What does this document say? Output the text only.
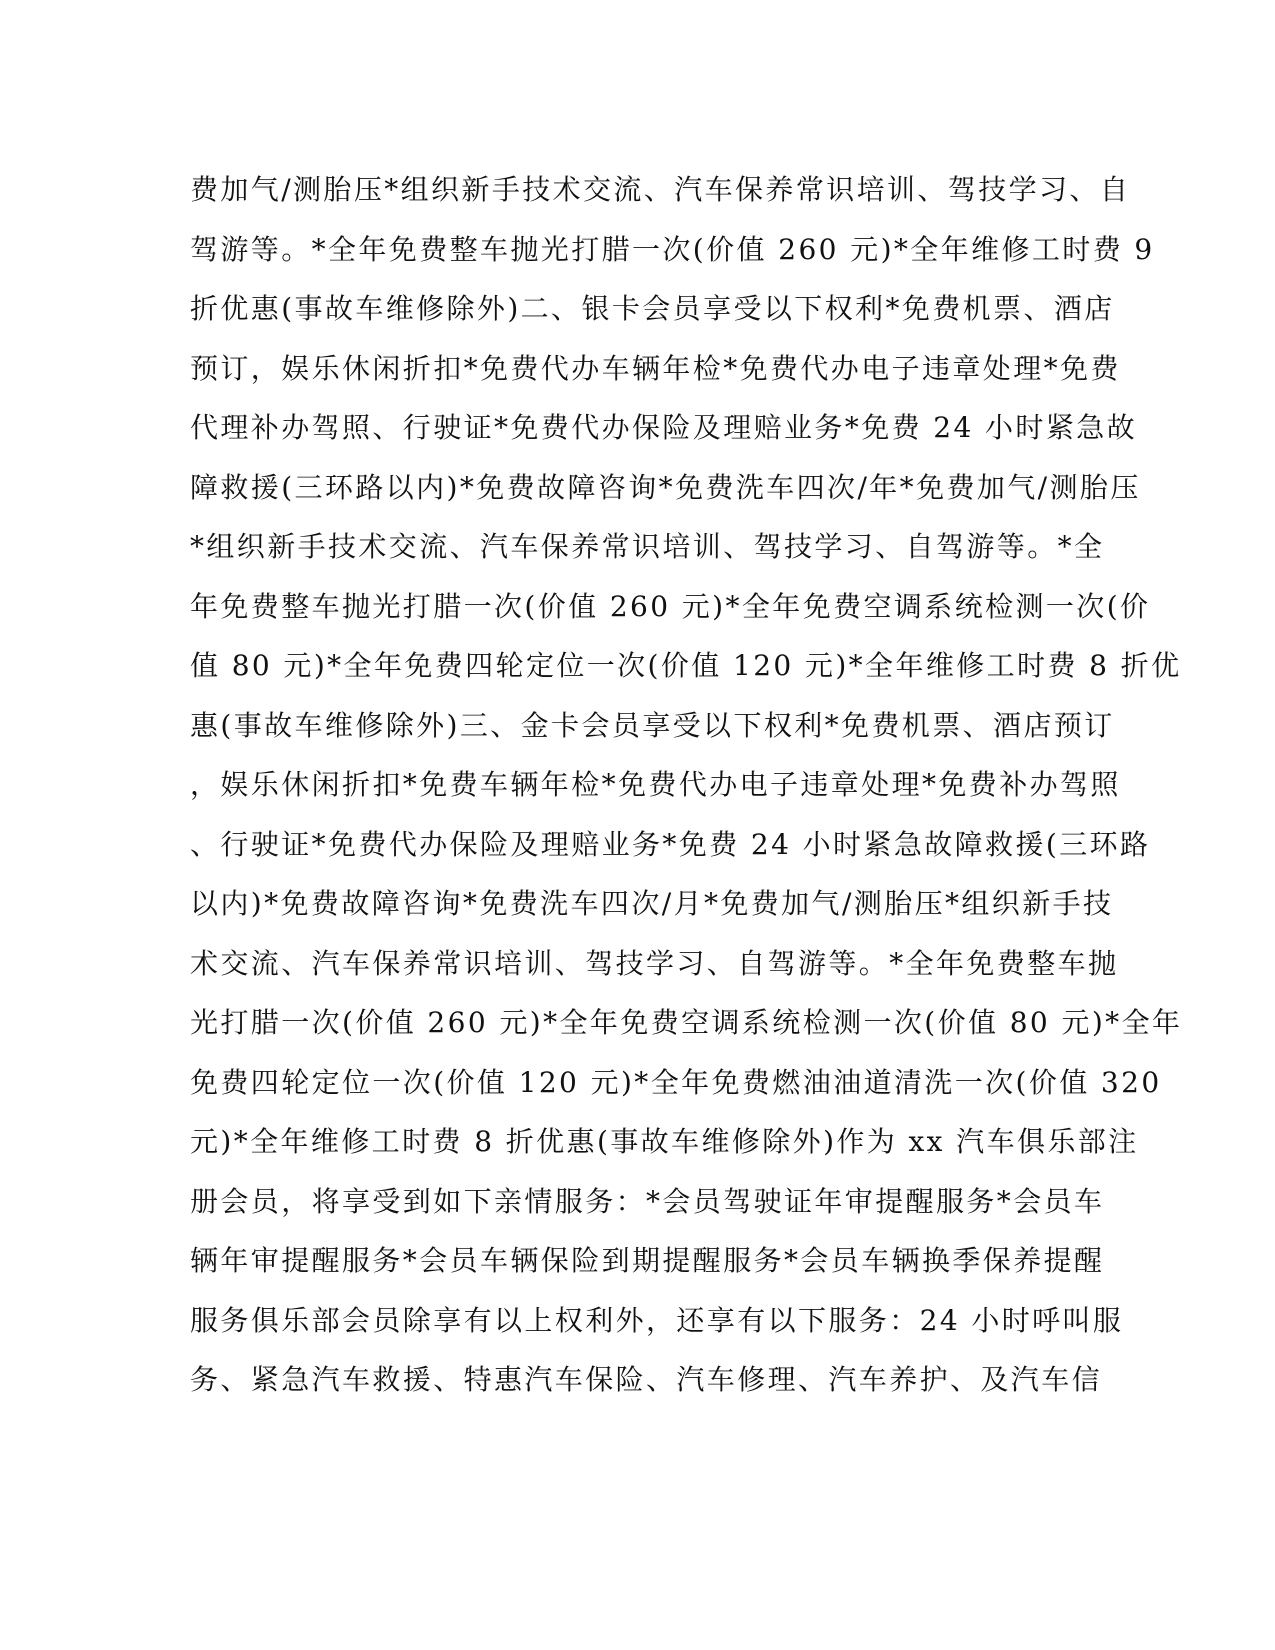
费加气/测胎压*组织新手技术交流、汽车保养常识培训、驾技学习、自
驾游等。*全年免费整车抛光打腊一次(价值 260 元)*全年维修工时费 9
折优惠(事故车维修除外)二、银卡会员享受以下权利*免费机票、酒店
预订，娱乐休闲折扣*免费代办车辆年检*免费代办电子违章处理*免费
代理补办驾照、行驶证*免费代办保险及理赔业务*免费 24 小时紧急故
障救援(三环路以内)*免费故障咨询*免费洗车四次/年*免费加气/测胎压
*组织新手技术交流、汽车保养常识培训、驾技学习、自驾游等。*全
年免费整车抛光打腊一次(价值 260 元)*全年免费空调系统检测一次(价
值 80 元)*全年免费四轮定位一次(价值 120 元)*全年维修工时费 8 折优
惠(事故车维修除外)三、金卡会员享受以下权利*免费机票、酒店预订
，娱乐休闲折扣*免费车辆年检*免费代办电子违章处理*免费补办驾照
、行驶证*免费代办保险及理赔业务*免费 24 小时紧急故障救援(三环路
以内)*免费故障咨询*免费洗车四次/月*免费加气/测胎压*组织新手技
术交流、汽车保养常识培训、驾技学习、自驾游等。*全年免费整车抛
光打腊一次(价值 260 元)*全年免费空调系统检测一次(价值 80 元)*全年
免费四轮定位一次(价值 120 元)*全年免费燃油油道清洗一次(价值 320
元)*全年维修工时费 8 折优惠(事故车维修除外)作为 xx 汽车俱乐部注
册会员，将享受到如下亲情服务：*会员驾驶证年审提醒服务*会员车
辆年审提醒服务*会员车辆保险到期提醒服务*会员车辆换季保养提醒
服务俱乐部会员除享有以上权利外，还享有以下服务：24 小时呼叫服
务、紧急汽车救援、特惠汽车保险、汽车修理、汽车养护、及汽车信
